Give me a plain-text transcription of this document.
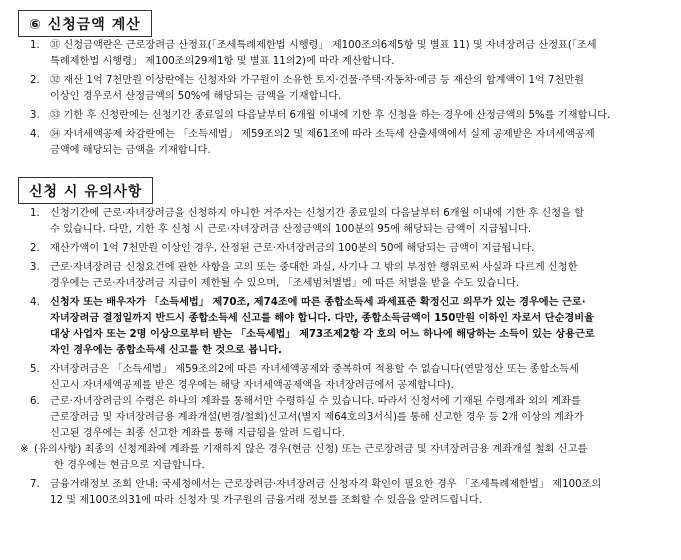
⑥ 신청금액 계산
1. ㉛ 신청금액란은 근로장려금 산정표(「조세특례제한법 시행령」 제100조의6제5항 및 별표 11) 및 자녀장려금 산정표(「조세
특례제한법 시행령」 제100조의29제1항 및 별표 11의2)에 따라 계산합니다.
2. ㉜ 재산 1억 7천만원 이상란에는 신청자와 가구원이 소유한 토지·건물·주택·자동차·예금 등 재산의 합계액이 1억 7천만원
이상인 경우로서 산정금액의 50%에 해당되는 금액을 기재합니다.
3. ㉝ 기한 후 신청란에는 신청기간 종료일의 다음날부터 6개월 이내에 기한 후 신청을 하는 경우에 산정금액의 5%를 기재합니다.
4. ㉞ 자녀세액공제 차감란에는 「소득세법」 제59조의2 및 제61조에 따라 소득세 산출세액에서 실제 공제받은 자녀세액공제
금액에 해당되는 금액을 기재합니다.
신청 시 유의사항
1. 신청기간에 근로·자녀장려금을 신청하지 아니한 거주자는 신청기간 종료일의 다음날부터 6개월 이내에 기한 후 신청을 할
수 있습니다. 다만, 기한 후 신청 시 근로·자녀장려금 산정금액의 100분의 95에 해당되는 금액이 지급됩니다.
2. 재산가액이 1억 7천만원 이상인 경우, 산정된 근로·자녀장려금의 100분의 50에 해당되는 금액이 지급됩니다.
3. 근로·자녀장려금 신청요건에 관한 사항을 고의 또는 중대한 과실, 사기나 그 밖의 부정한 행위로써 사실과 다르게 신청한
경우에는 근로·자녀장려금 지급이 제한될 수 있으며, 「조세범처벌법」에 따른 처벌을 받을 수도 있습니다.
4. 신청자 또는 배우자가 「소득세법」 제70조, 제74조에 따른 종합소득세 과세표준 확정신고 의무가 있는 경우에는 근로·
자녀장려금 결정일까지 반드시 종합소득세 신고를 해야 합니다. 다만, 종합소득금액이 150만원 이하인 자로서 단순경비율
대상 사업자 또는 2명 이상으로부터 받는 「소득세법」 제73조제2항 각 호의 어느 하나에 해당하는 소득이 있는 상용근로
자인 경우에는 종합소득세 신고를 한 것으로 봅니다.
5. 자녀장려금은 「소득세법」 제59조의2에 따른 자녀세액공제와 중복하여 적용할 수 없습니다(연말정산 또는 종합소득세
신고시 자녀세액공제를 받은 경우에는 해당 자녀세액공제액을 자녀장려금에서 공제합니다).
6. 근로·자녀장려금의 수령은 하나의 계좌를 통해서만 수령하실 수 있습니다. 따라서 신청서에 기재된 수령계좌 외의 계좌를
근로장려금 및 자녀장려금용 계좌개설(변경/철회)신고서(별지 제64호의3서식)를 통해 신고한 경우 등 2개 이상의 계좌가
신고된 경우에는 최종 신고한 계좌를 통해 지급됨을 알려 드립니다.
※ (유의사항) 최종의 신청계좌에 계좌를 기재하지 않은 경우(현금 신청) 또는 근로장려금 및 자녀장려금용 계좌개설 철회 신고를
한 경우에는 현금으로 지급합니다.
7. 금융거래정보 조회 안내: 국세청에서는 근로장려금·자녀장려금 신청자격 확인이 필요한 경우 「조세특례제한법」 제100조의
12 및 제100조의31에 따라 신청자 및 가구원의 금융거래 정보를 조회할 수 있음을 알려드립니다.
